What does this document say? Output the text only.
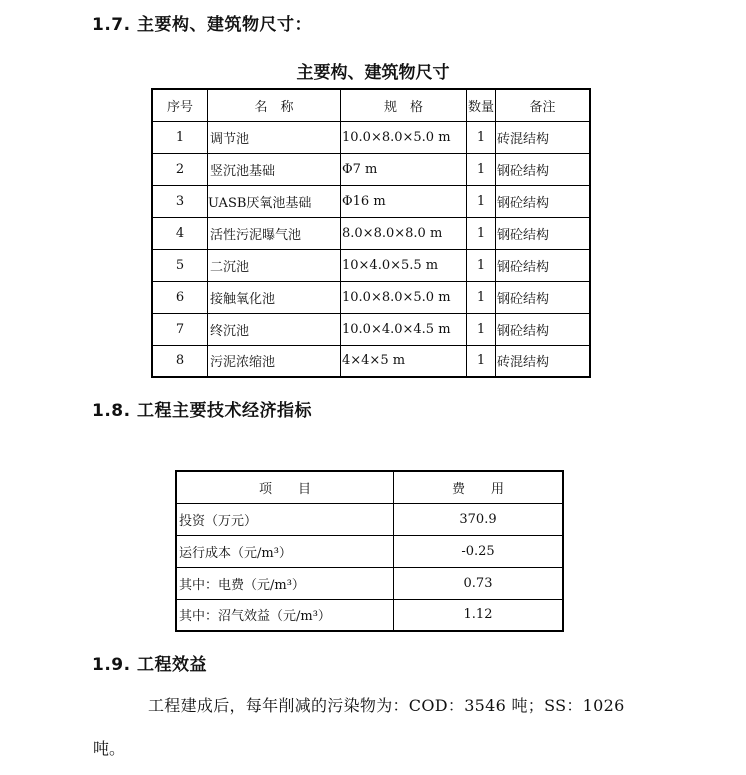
1.7. 主要构、建筑物尺寸：
主要构、建筑物尺寸
序号	名　称	规　格	数量	备注
1	调节池	10.0×8.0×5.0 m	1	砖混结构
2	竖沉池基础	Φ7 m	1	钢砼结构
3	UASB厌氧池基础	Φ16 m	1	钢砼结构
4	活性污泥曝气池	8.0×8.0×8.0 m	1	钢砼结构
5	二沉池	10×4.0×5.5 m	1	钢砼结构
6	接触氧化池	10.0×8.0×5.0 m	1	钢砼结构
7	终沉池	10.0×4.0×4.5 m	1	钢砼结构
8	污泥浓缩池	4×4×5 m	1	砖混结构
1.8. 工程主要技术经济指标
项　　目	费　　用
投资（万元）	370.9
运行成本（元/m³）	-0.25
其中：电费（元/m³）	0.73
其中：沼气效益（元/m³）	1.12
1.9. 工程效益
工程建成后，每年削减的污染物为：COD：3546 吨；SS：1026
吨。
